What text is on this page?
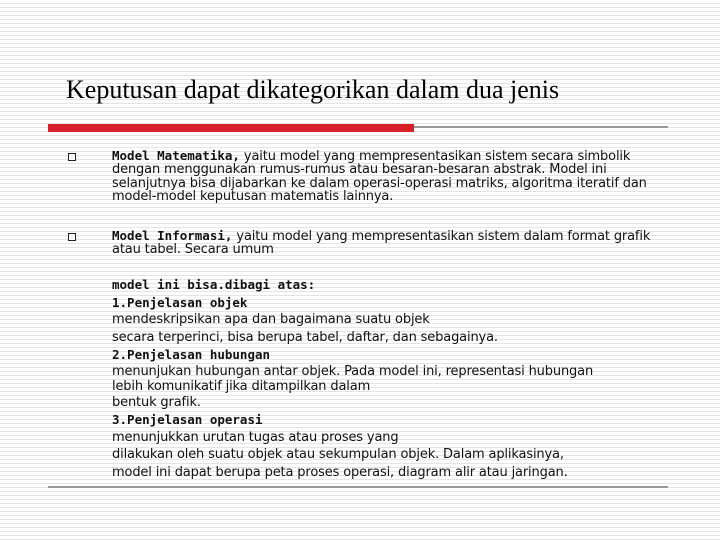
Keputusan dapat dikategorikan dalam dua jenis
Model Matematika, yaitu model yang mempresentasikan sistem secara simbolik dengan menggunakan rumus-rumus atau besaran-besaran abstrak. Model ini selanjutnya bisa dijabarkan ke dalam operasi-operasi matriks, algoritma iteratif dan model-model keputusan matematis lainnya.
Model Informasi, yaitu model yang mempresentasikan sistem dalam format grafik atau tabel. Secara umum
model ini bisa.dibagi atas:
1.Penjelasan objek
mendeskripsikan apa dan bagaimana suatu objek
secara terperinci, bisa berupa tabel, daftar, dan sebagainya.
2.Penjelasan hubungan
menunjukan hubungan antar objek. Pada model ini, representasi hubungan
lebih komunikatif jika ditampilkan dalam
bentuk grafik.
3.Penjelasan operasi
menunjukkan urutan tugas atau proses yang
dilakukan oleh suatu objek atau sekumpulan objek. Dalam aplikasinya,
model ini dapat berupa peta proses operasi, diagram alir atau jaringan.
